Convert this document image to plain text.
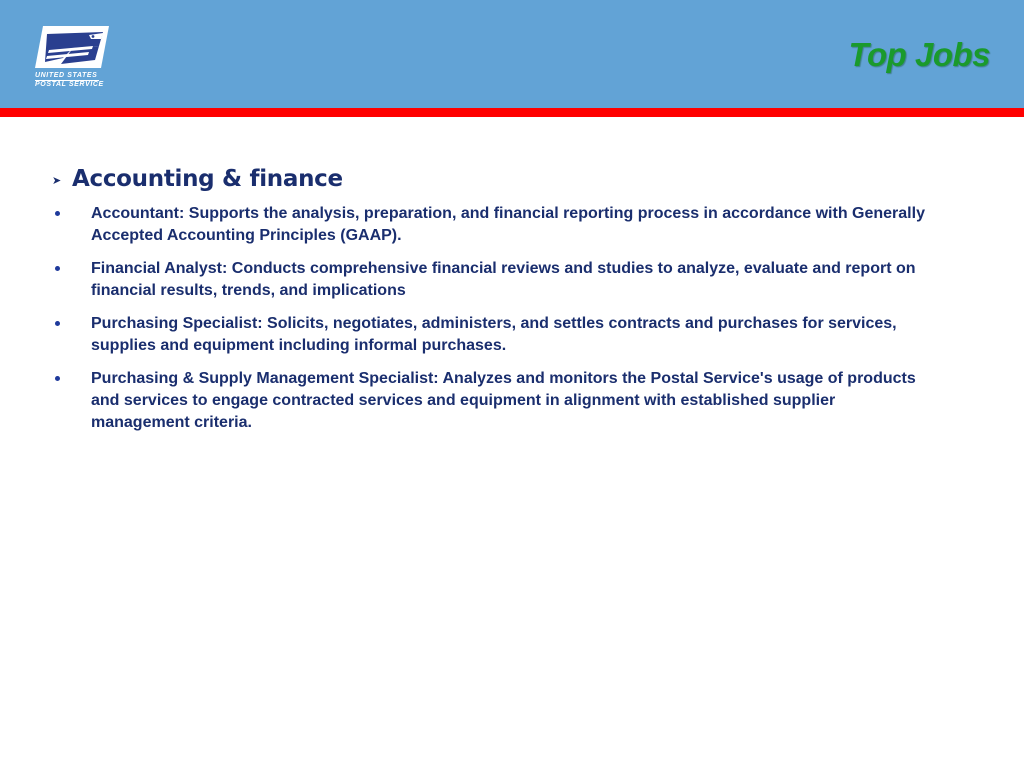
UNITED STATES
POSTAL SERVICE
Top Jobs
➤ Accounting & finance
Accountant: Supports the analysis, preparation, and financial reporting process in accordance with Generally Accepted Accounting Principles (GAAP).
Financial Analyst: Conducts comprehensive financial reviews and studies to analyze, evaluate and report on financial results, trends, and implications
Purchasing Specialist: Solicits, negotiates, administers, and settles contracts and purchases for services, supplies and equipment including informal purchases.
Purchasing & Supply Management Specialist: Analyzes and monitors the Postal Service's usage of products and services to engage contracted services and equipment in alignment with established supplier management criteria.
